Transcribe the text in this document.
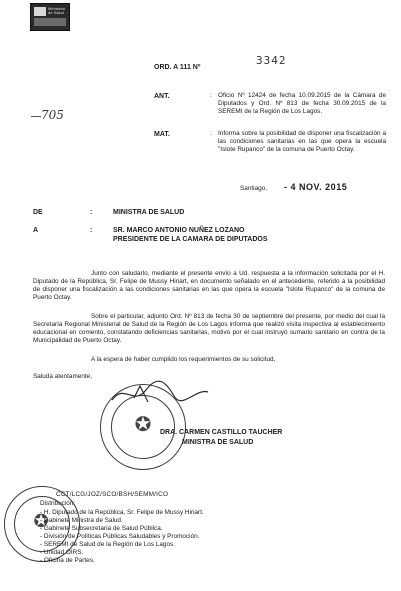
Ministerio de Salud
ORD. A 111 Nº
3342
705
ANT.	: Oficio Nº 12424 de fecha 10.09.2015 de la Cámara de Diputados y Ord. Nº 813 de fecha 30.09.2015 de la SEREMI de la Región de Los Lagos.
MAT.	: Informa sobre la posibilidad de disponer una fiscalización a las condiciones sanitarias en las que opera la escuela "Islote Rupanco" de la comuna de Puerto Octay.
Santiago, - 4 NOV. 2015
DE	:	MINISTRA DE SALUD
A	:	SR. MARCO ANTONIO NUÑEZ LOZANO
PRESIDENTE DE LA CAMARA DE DIPUTADOS
Junto con saludarlo, mediante el presente envío a Ud. respuesta a la información solicitada por el H. Diputado de la República, Sr. Felipe de Mussy Hiriart, en documento señalado en el antecedente, referido a la posibilidad de disponer una fiscalización a las condiciones sanitarias en las que opera la escuela "Islote Rupanco" de la comuna de Puerto Octay.
Sobre el particular, adjunto Ord. Nº 813 de fecha 30 de septiembre del presente, por medio del cual la Secretaría Regional Ministerial de Salud de la Región de Los Lagos informa que realizó visita inspectiva al establecimiento educacional en comento, constatando deficiencias sanitarias, motivo por el cual instruyó sumario sanitario en contra de la Municipalidad de Puerto Octay.
A la espera de haber cumplido los requerimientos de su solicitud,
Saluda atentamente,
✪	DRA. CARMEN CASTILLO TAUCHER
MINISTRA DE SALUD
✪
CCT/LCG/JOZ/SCO/BSH/SEMM/ICO
Distribución:
- H. Diputado de la República, Sr. Felipe de Mussy Hiriart.
- Gabinete Ministra de Salud.
- Gabinete Subsecretaria de Salud Pública.
- División de Políticas Públicas Saludables y Promoción.
- SEREMI de Salud de la Región de Los Lagos.
- Unidad OIRS.
- Oficina de Partes.
